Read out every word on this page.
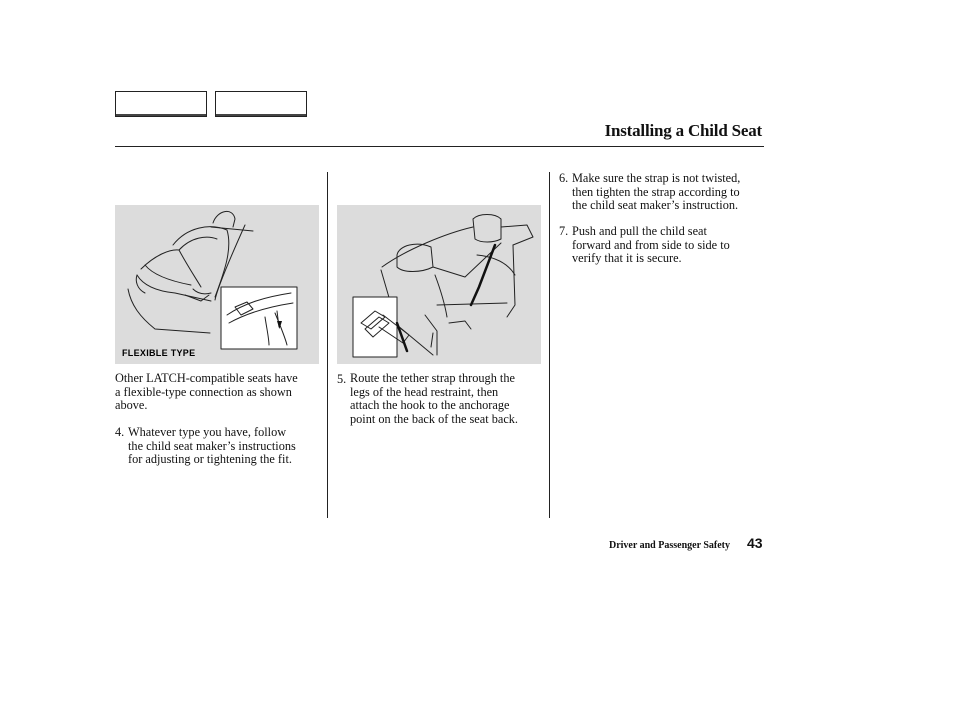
Installing a Child Seat
FLEXIBLE TYPE
Other LATCH-compatible seats have
a flexible-type connection as shown
above.
4. Whatever type you have, follow
the child seat maker’s instructions
for adjusting or tightening the fit.
5. Route the tether strap through the
legs of the head restraint, then
attach the hook to the anchorage
point on the back of the seat back.
6. Make sure the strap is not twisted,
then tighten the strap according to
the child seat maker’s instruction.
7. Push and pull the child seat
forward and from side to side to
verify that it is secure.
Driver and Passenger Safety 43
